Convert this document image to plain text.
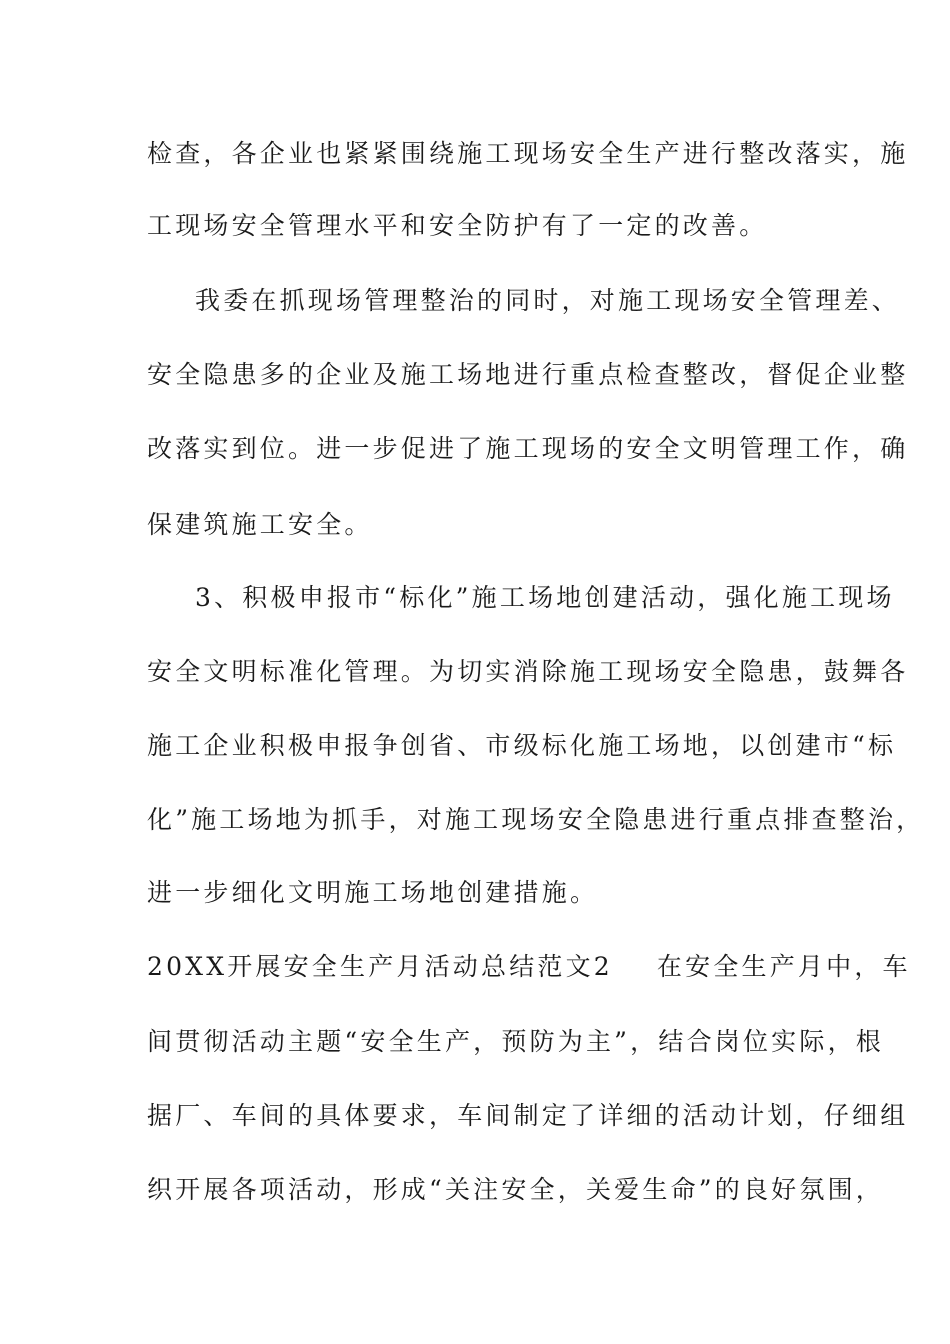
检查，各企业也紧紧围绕施工现场安全生产进行整改落实，施
工现场安全管理水平和安全防护有了一定的改善。
我委在抓现场管理整治的同时，对施工现场安全管理差、
安全隐患多的企业及施工场地进行重点检查整改，督促企业整
改落实到位。进一步促进了施工现场的安全文明管理工作，确
保建筑施工安全。
3、积极申报市“标化”施工场地创建活动，强化施工现场
安全文明标准化管理。为切实消除施工现场安全隐患，鼓舞各
施工企业积极申报争创省、市级标化施工场地，以创建市“标
化”施工场地为抓手，对施工现场安全隐患进行重点排查整治，
进一步细化文明施工场地创建措施。
20XX开展安全生产月活动总结范文2 在安全生产月中，车
间贯彻活动主题“安全生产，预防为主”，结合岗位实际，根
据厂、车间的具体要求，车间制定了详细的活动计划，仔细组
织开展各项活动，形成“关注安全，关爱生命”的良好氛围，
